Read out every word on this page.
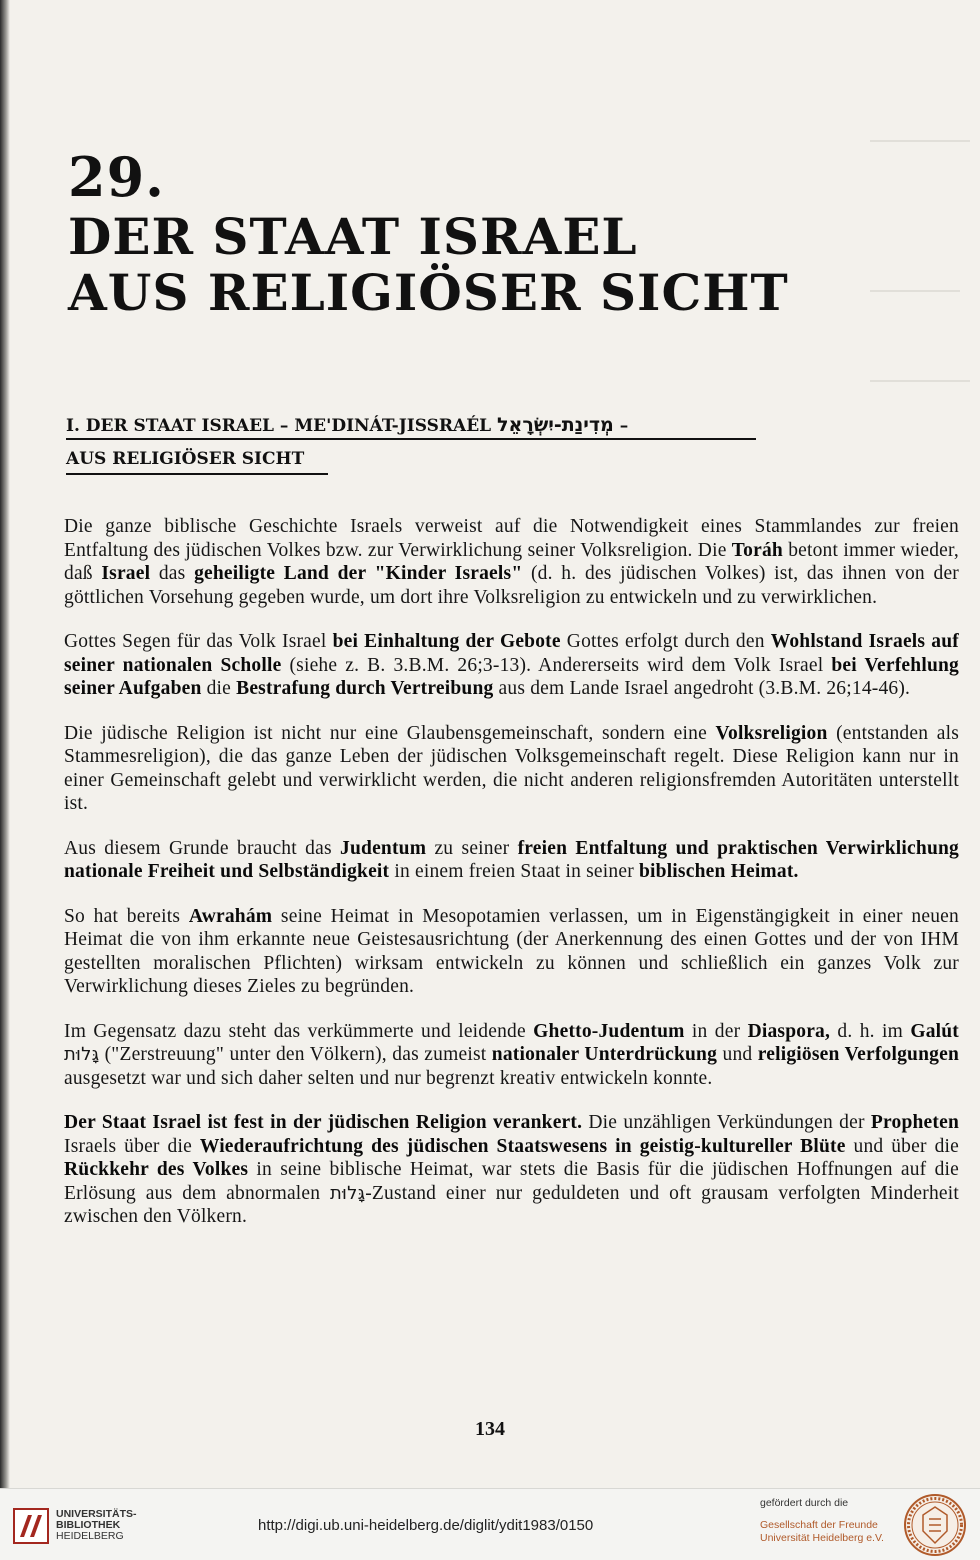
29.
DER STAAT ISRAEL
AUS RELIGIÖSER SICHT
I. DER STAAT ISRAEL – ME'DINÁT-JISSRAÉL מְדִינַת-יִשְׂרָאֵל –
AUS RELIGIÖSER SICHT

Die ganze biblische Geschichte Israels verweist auf die Notwendigkeit eines Stammlandes zur freien Entfaltung des jüdischen Volkes bzw. zur Verwirklichung seiner Volksreligion. Die Toráh betont immer wieder, daß Israel das geheiligte Land der "Kinder Israels" (d. h. des jüdischen Volkes) ist, das ihnen von der göttlichen Vorsehung gegeben wurde, um dort ihre Volksreligion zu entwickeln und zu verwirklichen.

Gottes Segen für das Volk Israel bei Einhaltung der Gebote Gottes erfolgt durch den Wohlstand Israels auf seiner nationalen Scholle (siehe z. B. 3.B.M. 26;3-13). Andererseits wird dem Volk Israel bei Verfehlung seiner Aufgaben die Bestrafung durch Vertreibung aus dem Lande Israel angedroht (3.B.M. 26;14-46).

Die jüdische Religion ist nicht nur eine Glaubensgemeinschaft, sondern eine Volksreligion (entstanden als Stammesreligion), die das ganze Leben der jüdischen Volksgemeinschaft regelt. Diese Religion kann nur in einer Gemeinschaft gelebt und verwirklicht werden, die nicht anderen religionsfremden Autoritäten unterstellt ist.

Aus diesem Grunde braucht das Judentum zu seiner freien Entfaltung und praktischen Verwirklichung nationale Freiheit und Selbständigkeit in einem freien Staat in seiner biblischen Heimat.

So hat bereits Awrahám seine Heimat in Mesopotamien verlassen, um in Eigenstängigkeit in einer neuen Heimat die von ihm erkannte neue Geistesausrichtung (der Anerkennung des einen Gottes und der von IHM gestellten moralischen Pflichten) wirksam entwickeln zu können und schließlich ein ganzes Volk zur Verwirklichung dieses Zieles zu begründen.

Im Gegensatz dazu steht das verkümmerte und leidende Ghetto-Judentum in der Diaspora, d. h. im Galút גָּלוּת ("Zerstreuung" unter den Völkern), das zumeist nationaler Unterdrückung und religiösen Verfolgungen ausgesetzt war und sich daher selten und nur begrenzt kreativ entwickeln konnte.

Der Staat Israel ist fest in der jüdischen Religion verankert. Die unzähligen Verkündungen der Propheten Israels über die Wiederaufrichtung des jüdischen Staatswesens in geistig-kultureller Blüte und über die Rückkehr des Volkes in seine biblische Heimat, war stets die Basis für die jüdischen Hoffnungen auf die Erlösung aus dem abnormalen גָּלוּת-Zustand einer nur geduldeten und oft grausam verfolgten Minderheit zwischen den Völkern.

134
UNIVERSITÄTS-
BIBLIOTHEK
HEIDELBERG
http://digi.ub.uni-heidelberg.de/diglit/ydit1983/0150
gefördert durch die
Gesellschaft der Freunde
Universität Heidelberg e.V.
